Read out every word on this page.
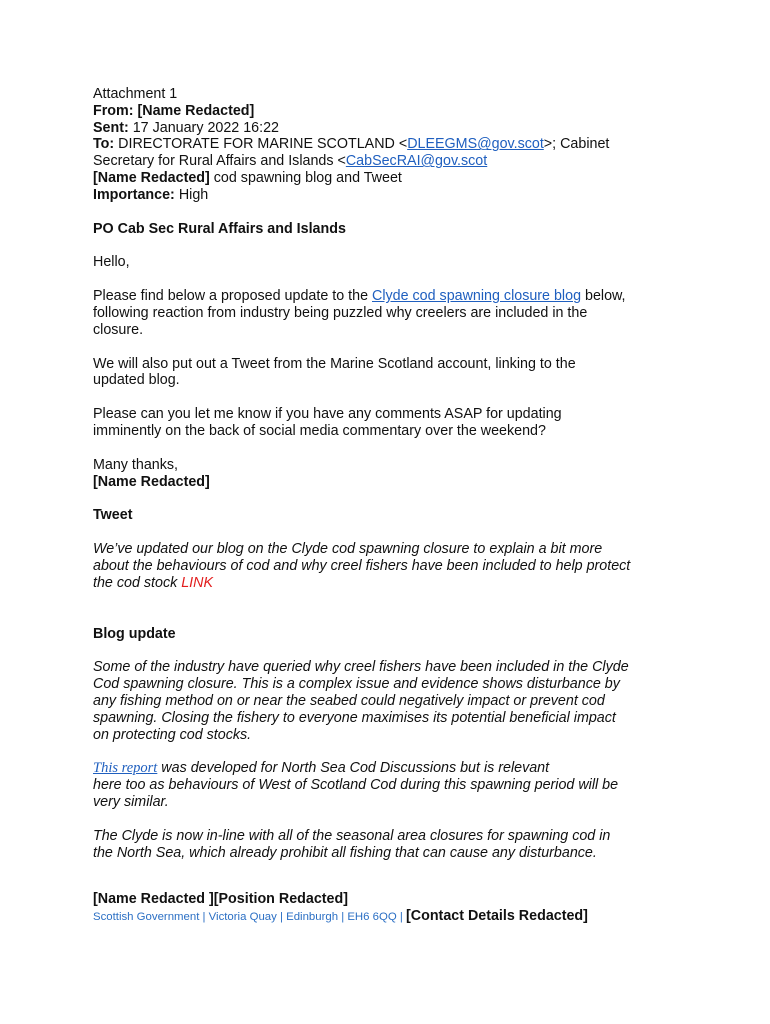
Attachment 1
From: [Name Redacted]
Sent: 17 January 2022 16:22
To: DIRECTORATE FOR MARINE SCOTLAND <DLEEGMS@gov.scot>; Cabinet
Secretary for Rural Affairs and Islands <CabSecRAI@gov.scot
[Name Redacted] cod spawning blog and Tweet
Importance: High
PO Cab Sec Rural Affairs and Islands
Hello,
Please find below a proposed update to the Clyde cod spawning closure blog below,
following reaction from industry being puzzled why creelers are included in the
closure.
We will also put out a Tweet from the Marine Scotland account, linking to the
updated blog.
Please can you let me know if you have any comments ASAP for updating
imminently on the back of social media commentary over the weekend?
Many thanks,
[Name Redacted]
Tweet
We’ve updated our blog on the Clyde cod spawning closure to explain a bit more
about the behaviours of cod and why creel fishers have been included to help protect
the cod stock LINK
Blog update
Some of the industry have queried why creel fishers have been included in the Clyde
Cod spawning closure. This is a complex issue and evidence shows disturbance by
any fishing method on or near the seabed could negatively impact or prevent cod
spawning. Closing the fishery to everyone maximises its potential beneficial impact
on protecting cod stocks.
This report was developed for North Sea Cod Discussions but is relevant
here too as behaviours of West of Scotland Cod during this spawning period will be
very similar.
The Clyde is now in-line with all of the seasonal area closures for spawning cod in
the North Sea, which already prohibit all fishing that can cause any disturbance.
[Name Redacted ][Position Redacted]
Scottish Government | Victoria Quay | Edinburgh | EH6 6QQ | [Contact Details Redacted]
